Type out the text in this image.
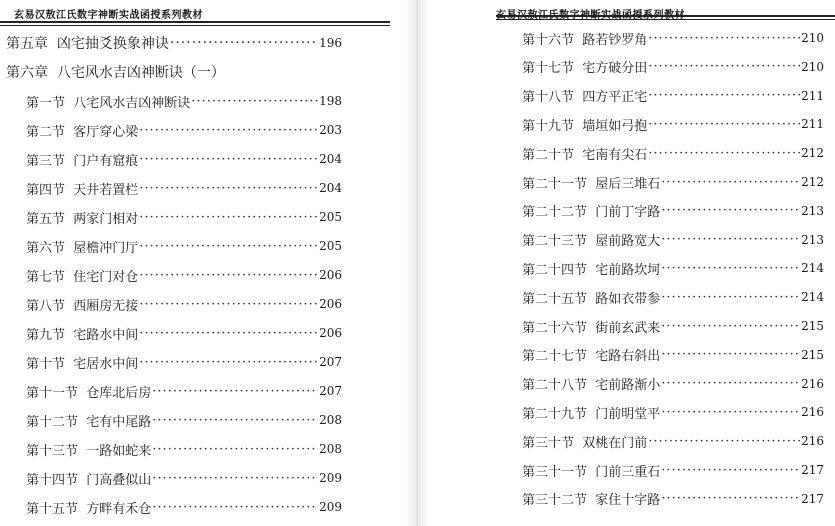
玄易汉敖江氏数字神断实战函授系列教材
第五章 凶宅抽爻换象神诀 ·····	196
第六章 八宅风水吉凶神断诀（一）
第一节 八宅风水吉凶神断诀 ·····	198
第二节 客厅穿心梁 ·····	203
第三节 门户有窟痕 ·····	204
第四节 天井若置栏 ·····	204
第五节 两家门相对 ·····	205
第六节 屋檐冲门厅 ·····	205
第七节 住宅门对仓 ·····	206
第八节 西厢房无接 ·····	206
第九节 宅路水中间 ·····	206
第十节 宅居水中间 ·····	207
第十一节 仓库北后房 ·····	207
第十二节 宅有中尾路 ·····	208
第十三节 一路如蛇来 ·····	208
第十四节 门高叠似山 ·····	209
第十五节 方畔有禾仓 ·····	209
第十六节 路若钞罗角 ·····	210
第十七节 宅方破分田 ·····	210
第十八节 四方平正宅 ·····	211
第十九节 墙垣如弓抱 ·····	211
第二十节 宅南有尖石 ·····	212
第二十一节 屋后三堆石 ·····	212
第二十二节 门前丁字路 ·····	213
第二十三节 屋前路宽大 ·····	213
第二十四节 宅前路坎坷 ·····	214
第二十五节 路如衣带参 ·····	214
第二十六节 街前玄武来 ·····	215
第二十七节 宅路右斜出 ·····	215
第二十八节 宅前路渐小 ·····	216
第二十九节 门前明堂平 ·····	216
第三十节 双桃在门前 ·····	216
第三十一节 门前三重石 ·····	217
第三十二节 家住十字路 ·····	217
